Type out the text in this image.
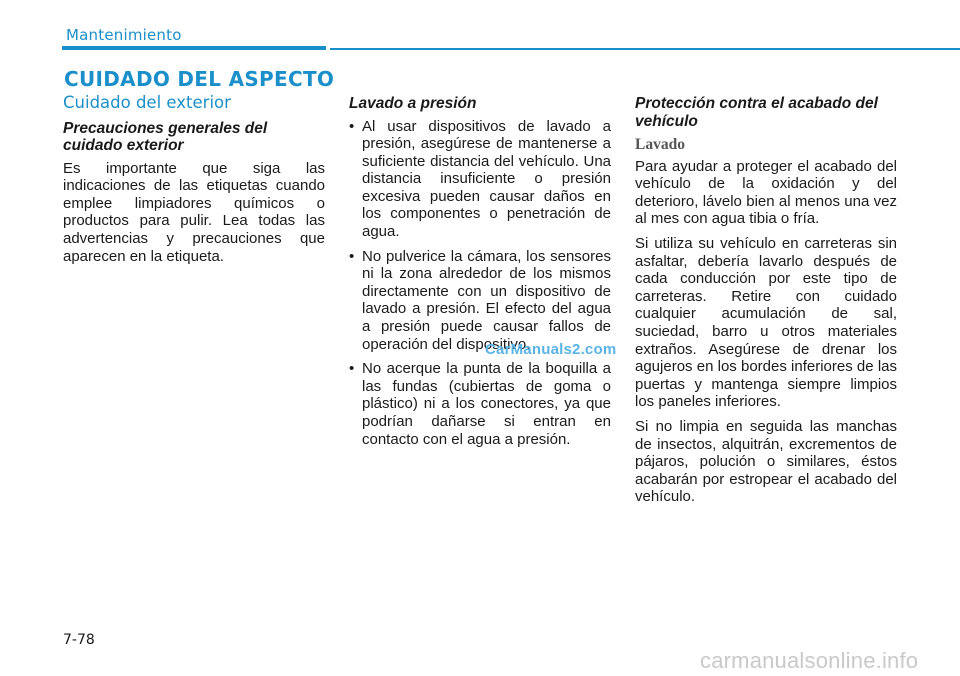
Mantenimiento
CUIDADO DEL ASPECTO
Cuidado del exterior
Precauciones generales del cuidado exterior

Es importante que siga las indicaciones de las etiquetas cuando emplee limpiadores químicos o productos para pulir. Lea todas las advertencias y precauciones que aparecen en la etiqueta.

Lavado a presión
• Al usar dispositivos de lavado a presión, asegúrese de mantenerse a suficiente distancia del vehículo. Una distancia insuficiente o presión excesiva pueden causar daños en los componentes o penetración de agua.
• No pulverice la cámara, los sensores ni la zona alrededor de los mismos directamente con un dispositivo de lavado a presión. El efecto del agua a presión puede causar fallos de operación del dispositivo.
• No acerque la punta de la boquilla a las fundas (cubiertas de goma o plástico) ni a los conectores, ya que podrían dañarse si entran en contacto con el agua a presión.
Protección contra el acabado del vehículo
Lavado

Para ayudar a proteger el acabado del vehículo de la oxidación y del deterioro, lávelo bien al menos una vez al mes con agua tibia o fría.

Si utiliza su vehículo en carreteras sin asfaltar, debería lavarlo después de cada conducción por este tipo de carreteras. Retire con cuidado cualquier acumulación de sal, suciedad, barro u otros materiales extraños. Asegúrese de drenar los agujeros en los bordes inferiores de las puertas y mantenga siempre limpios los paneles inferiores.

Si no limpia en seguida las manchas de insectos, alquitrán, excrementos de pájaros, polución o similares, éstos acabarán por estropear el acabado del vehículo.

CarManuals2.com
7-78
carmanualsonline.info
